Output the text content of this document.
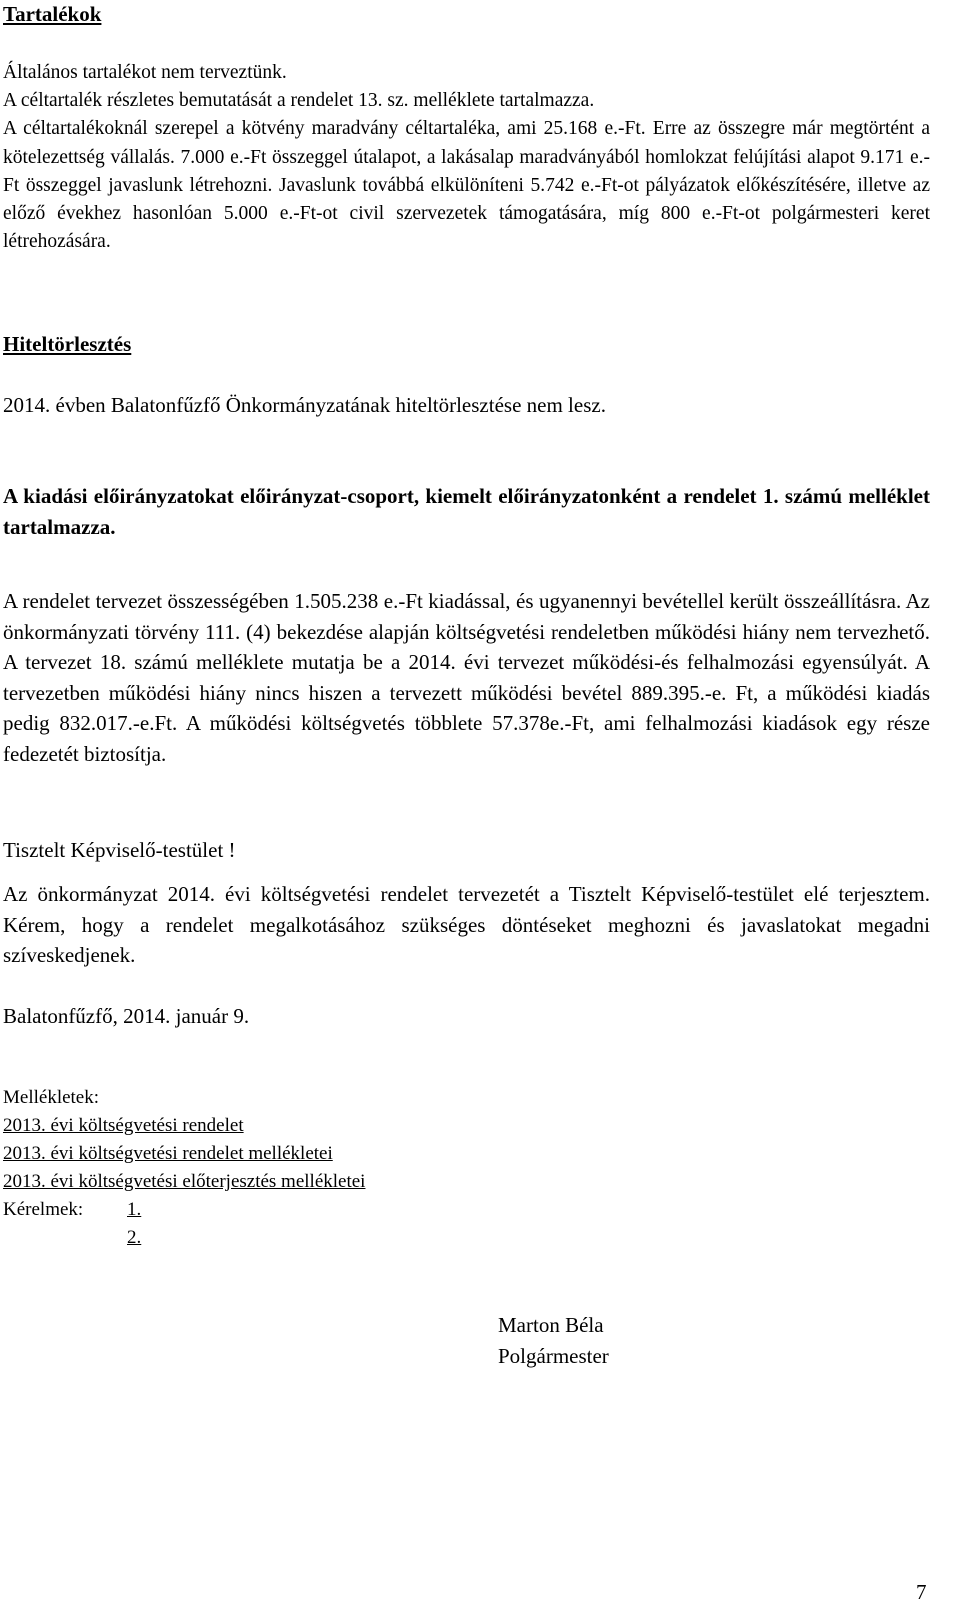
Tartalékok

Általános tartalékot nem terveztünk.

A céltartalék részletes bemutatását a rendelet 13. sz. melléklete tartalmazza.

A céltartalékoknál szerepel a kötvény maradvány céltartaléka, ami 25.168 e.-Ft. Erre az összegre már megtörtént a kötelezettség vállalás. 7.000 e.-Ft összeggel útalapot, a lakásalap maradványából homlokzat felújítási alapot 9.171 e.-Ft összeggel javaslunk létrehozni. Javaslunk továbbá elkülöníteni 5.742 e.-Ft-ot pályázatok előkészítésére, illetve az előző évekhez hasonlóan 5.000 e.-Ft-ot civil szervezetek támogatására, míg 800 e.-Ft-ot polgármesteri keret létrehozására.

Hiteltörlesztés

2014. évben Balatonfűzfő Önkormányzatának hiteltörlesztése nem lesz.

A kiadási előirányzatokat előirányzat-csoport, kiemelt előirányzatonként a rendelet 1. számú melléklet tartalmazza.

A rendelet tervezet összességében 1.505.238 e.-Ft kiadással, és ugyanennyi bevétellel került összeállításra. Az önkormányzati törvény 111. (4) bekezdése alapján költségvetési rendeletben működési hiány nem tervezhető. A tervezet 18. számú melléklete mutatja be a 2014. évi tervezet működési-és felhalmozási egyensúlyát. A tervezetben működési hiány nincs hiszen a tervezett működési bevétel 889.395.-e. Ft, a működési kiadás pedig 832.017.-e.Ft. A működési költségvetés többlete 57.378e.-Ft, ami felhalmozási kiadások egy része fedezetét biztosítja.

Tisztelt Képviselő-testület !

Az önkormányzat 2014. évi költségvetési rendelet tervezetét a Tisztelt Képviselő-testület elé terjesztem. Kérem, hogy a rendelet megalkotásához szükséges döntéseket meghozni és javaslatokat megadni szíveskedjenek.

Balatonfűzfő, 2014. január 9.

Mellékletek:

2013. évi költségvetési rendelet

2013. évi költségvetési rendelet mellékletei

2013. évi költségvetési előterjesztés mellékletei

Kérelmek: 1.
2.

Marton Béla

Polgármester

7
